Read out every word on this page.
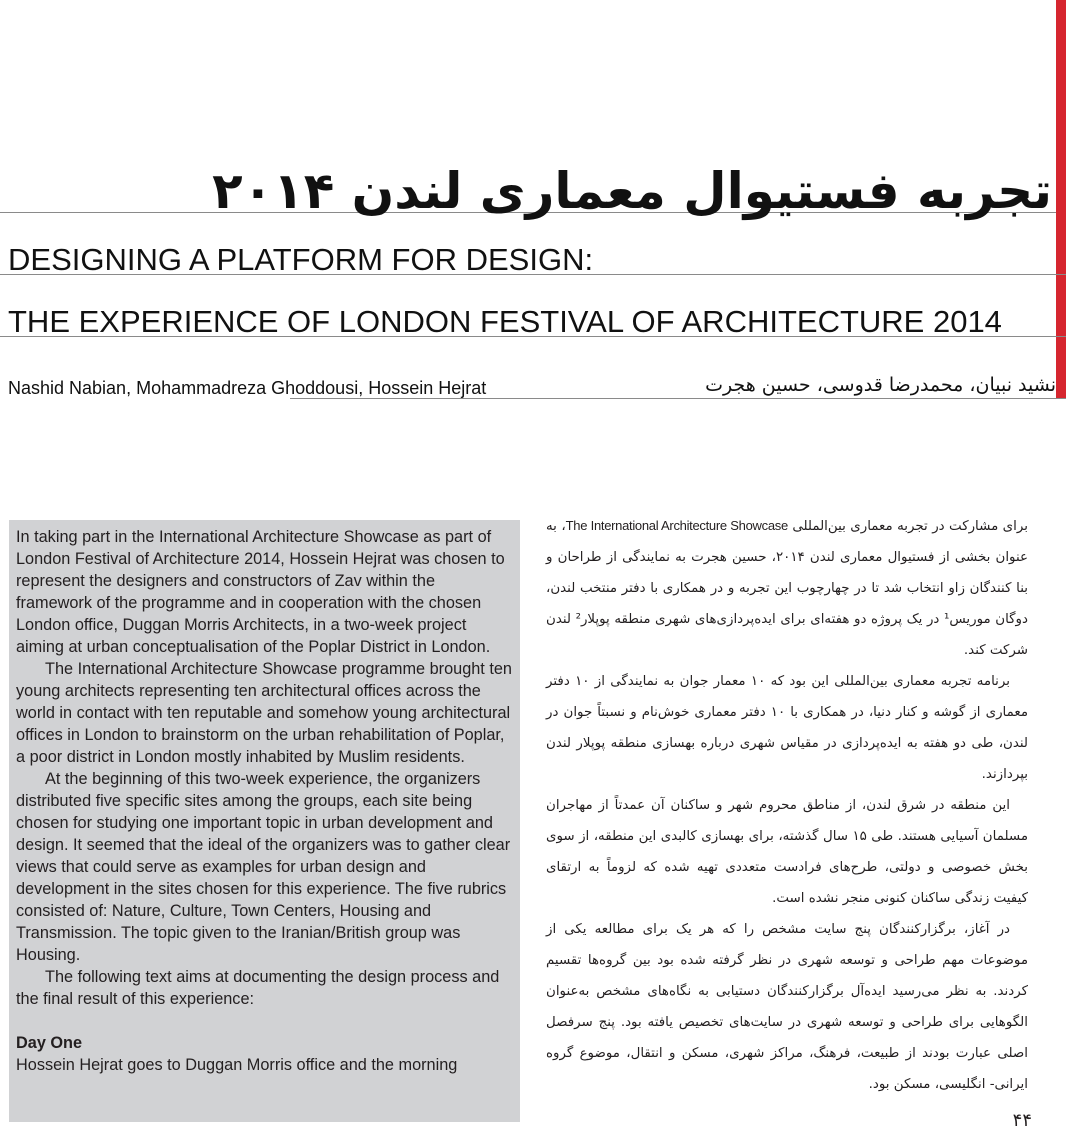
تجربه فستیوال معماری لندن ۲۰۱۴
DESIGNING A PLATFORM FOR DESIGN:
THE EXPERIENCE OF LONDON FESTIVAL OF ARCHITECTURE 2014
Nashid Nabian, Mohammadreza Ghoddousi, Hossein Hejrat	نشید نبیان، محمدرضا قدوسی، حسین هجرت

In taking part in the International Architecture Showcase as part of London Festival of Architecture 2014, Hossein Hejrat was chosen to represent the designers and constructors of Zav within the framework of the programme and in cooperation with the chosen London office, Duggan Morris Architects, in a two-week project aiming at urban conceptualisation of the Poplar District in London.

The International Architecture Showcase programme brought ten young architects representing ten architectural offices across the world in contact with ten reputable and somehow young architectural offices in London to brainstorm on the urban rehabilitation of Poplar, a poor district in London mostly inhabited by Muslim residents.

At the beginning of this two-week experience, the organizers distributed five specific sites among the groups, each site being chosen for studying one important topic in urban development and design. It seemed that the ideal of the organizers was to gather clear views that could serve as examples for urban design and development in the sites chosen for this experience. The five rubrics consisted of: Nature, Culture, Town Centers, Housing and Transmission. The topic given to the Iranian/British group was Housing.

The following text aims at documenting the design process and the final result of this experience:

Day One

Hossein Hejrat goes to Duggan Morris office and the morning

برای مشارکت در تجربه معماری بین‌المللی The International Architecture Showcase، به عنوان بخشی از فستیوال معماری لندن ۲۰۱۴، حسین هجرت به نمایندگی از طراحان و بنا کنندگان زاو انتخاب شد تا در چهارچوب این تجربه و در همکاری با دفتر منتخب لندن، دوگان موریس¹ در یک پروژه دو هفته‌ای برای ایده‌پردازی‌های شهری منطقه پوپلار² لندن شرکت کند.

برنامه تجربه معماری بین‌المللی این بود که ۱۰ معمار جوان به نمایندگی از ۱۰ دفتر معماری از گوشه و کنار دنیا، در همکاری با ۱۰ دفتر معماری خوش‌نام و نسبتاً جوان در لندن، طی دو هفته به ایده‌پردازی در مقیاس شهری درباره بهسازی منطقه پوپلار لندن بپردازند.

این منطقه در شرق لندن، از مناطق محروم شهر و ساکنان آن عمدتاً از مهاجران مسلمان آسیایی هستند. طی ۱۵ سال گذشته، برای بهسازی کالبدی این منطقه، از سوی بخش خصوصی و دولتی، طرح‌های فرادست متعددی تهیه شده که لزوماً به ارتقای کیفیت زندگی ساکنان کنونی منجر نشده است.

در آغاز، برگزارکنندگان پنج سایت مشخص را که هر یک برای مطالعه یکی از موضوعات مهم طراحی و توسعه شهری در نظر گرفته شده بود بین گروه‌ها تقسیم کردند. به نظر می‌رسید ایده‌آل برگزارکنندگان دستیابی به نگاه‌های مشخص به‌عنوان الگوهایی برای طراحی و توسعه شهری در سایت‌های تخصیص یافته بود. پنج سرفصل اصلی عبارت بودند از طبیعت، فرهنگ، مراکز شهری، مسکن و انتقال، موضوع گروه ایرانی- انگلیسی، مسکن بود.

۴۴
